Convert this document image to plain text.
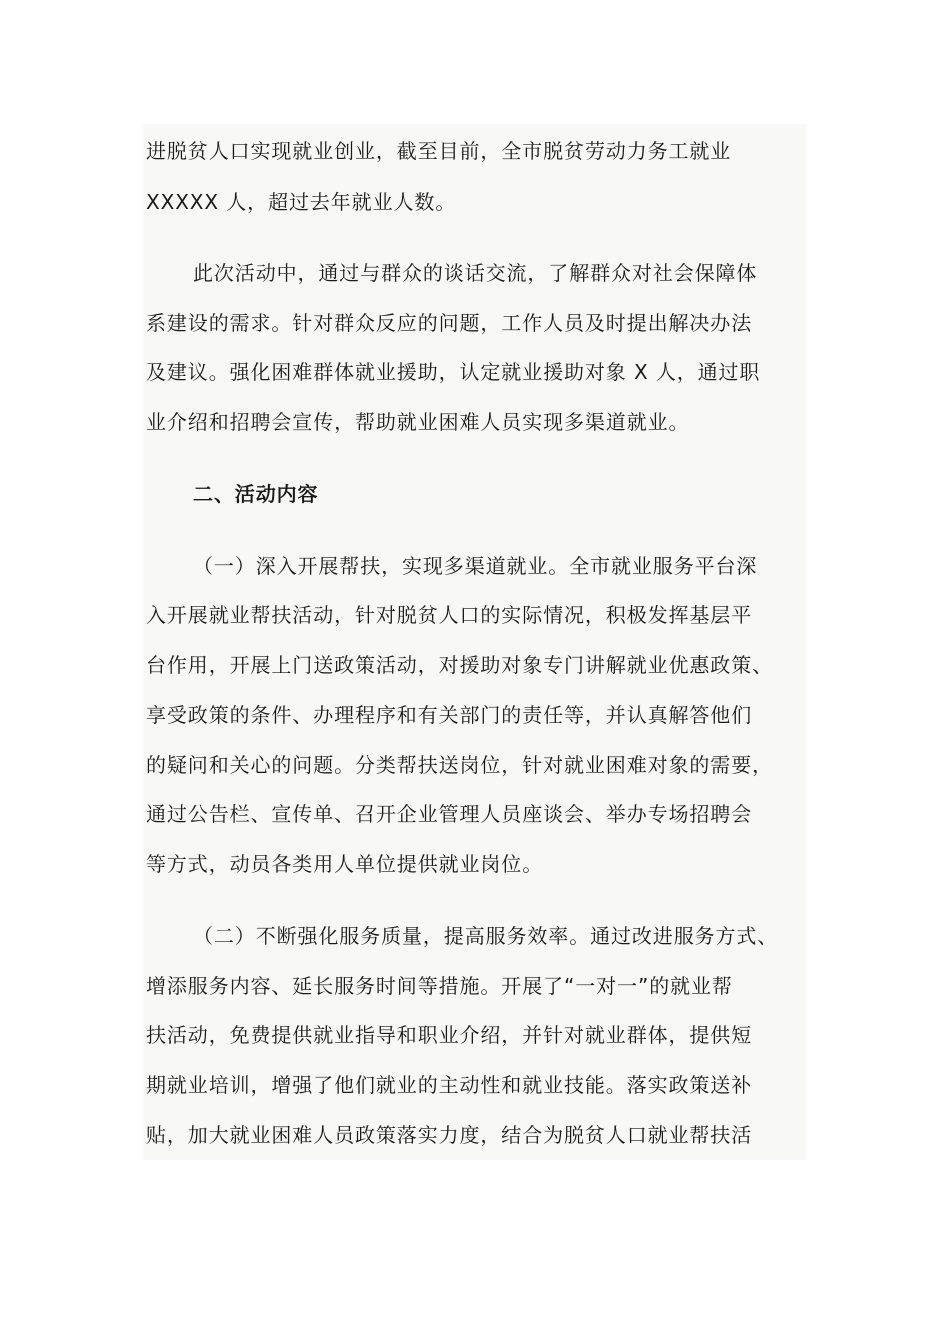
进脱贫人口实现就业创业，截至目前，全市脱贫劳动力务工就业
XXXXX 人，超过去年就业人数。
此次活动中，通过与群众的谈话交流，了解群众对社会保障体
系建设的需求。针对群众反应的问题，工作人员及时提出解决办法
及建议。强化困难群体就业援助，认定就业援助对象 X 人，通过职
业介绍和招聘会宣传，帮助就业困难人员实现多渠道就业。
二、活动内容
（一）深入开展帮扶，实现多渠道就业。全市就业服务平台深
入开展就业帮扶活动，针对脱贫人口的实际情况，积极发挥基层平
台作用，开展上门送政策活动，对援助对象专门讲解就业优惠政策、
享受政策的条件、办理程序和有关部门的责任等，并认真解答他们
的疑问和关心的问题。分类帮扶送岗位，针对就业困难对象的需要，
通过公告栏、宣传单、召开企业管理人员座谈会、举办专场招聘会
等方式，动员各类用人单位提供就业岗位。
（二）不断强化服务质量，提高服务效率。通过改进服务方式、
增添服务内容、延长服务时间等措施。开展了“一对一”的就业帮
扶活动，免费提供就业指导和职业介绍，并针对就业群体，提供短
期就业培训，增强了他们就业的主动性和就业技能。落实政策送补
贴，加大就业困难人员政策落实力度，结合为脱贫人口就业帮扶活
